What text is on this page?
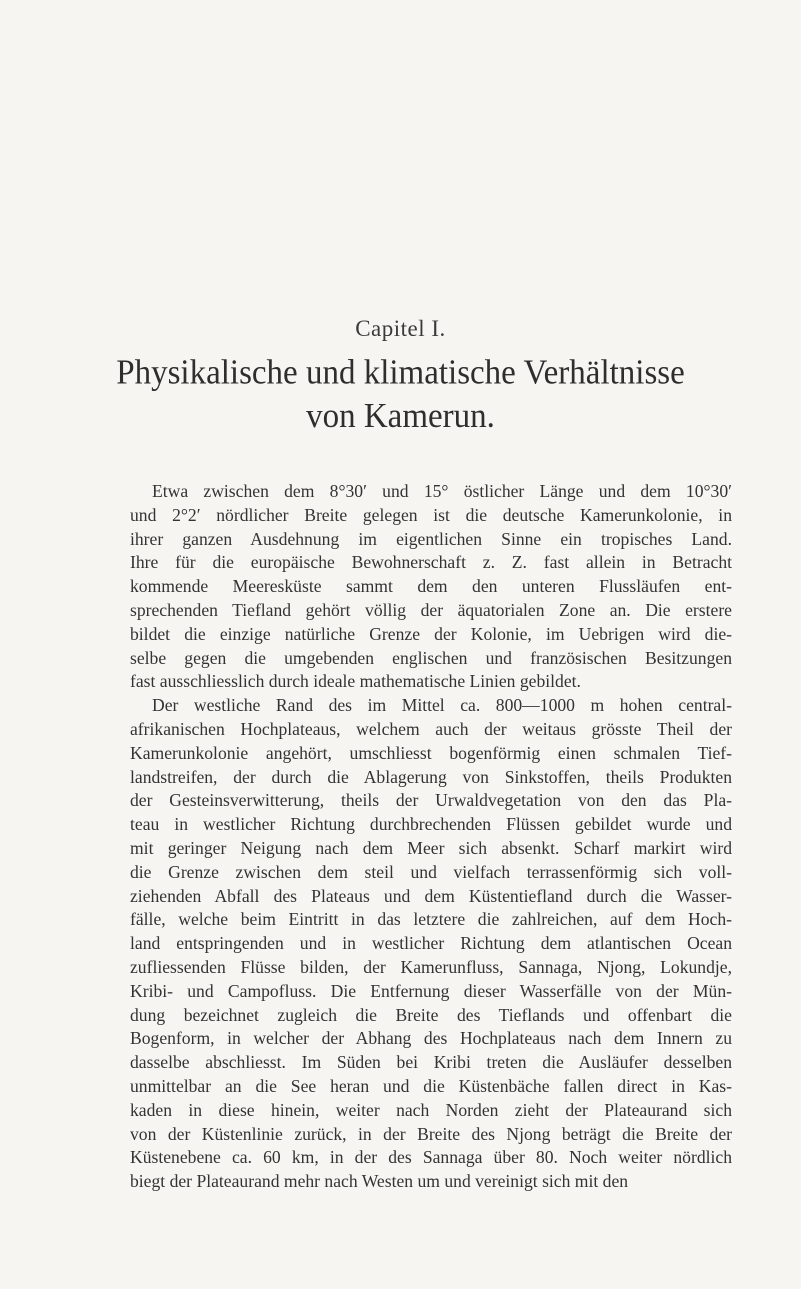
Capitel I.
Physikalische und klimatische Verhältnisse
von Kamerun.
Etwa zwischen dem 8°30′ und 15° östlicher Länge und dem 10°30′
und 2°2′ nördlicher Breite gelegen ist die deutsche Kamerunkolonie, in
ihrer ganzen Ausdehnung im eigentlichen Sinne ein tropisches Land.
Ihre für die europäische Bewohnerschaft z. Z. fast allein in Betracht
kommende Meeresküste sammt dem den unteren Flussläufen ent-
sprechenden Tiefland gehört völlig der äquatorialen Zone an. Die erstere
bildet die einzige natürliche Grenze der Kolonie, im Uebrigen wird die-
selbe gegen die umgebenden englischen und französischen Besitzungen
fast ausschliesslich durch ideale mathematische Linien gebildet.
Der westliche Rand des im Mittel ca. 800—1000 m hohen central-
afrikanischen Hochplateaus, welchem auch der weitaus grösste Theil der
Kamerunkolonie angehört, umschliesst bogenförmig einen schmalen Tief-
landstreifen, der durch die Ablagerung von Sinkstoffen, theils Produkten
der Gesteinsverwitterung, theils der Urwaldvegetation von den das Pla-
teau in westlicher Richtung durchbrechenden Flüssen gebildet wurde und
mit geringer Neigung nach dem Meer sich absenkt. Scharf markirt wird
die Grenze zwischen dem steil und vielfach terrassenförmig sich voll-
ziehenden Abfall des Plateaus und dem Küstentiefland durch die Wasser-
fälle, welche beim Eintritt in das letztere die zahlreichen, auf dem Hoch-
land entspringenden und in westlicher Richtung dem atlantischen Ocean
zufliessenden Flüsse bilden, der Kamerunfluss, Sannaga, Njong, Lokundje,
Kribi- und Campofluss. Die Entfernung dieser Wasserfälle von der Mün-
dung bezeichnet zugleich die Breite des Tieflands und offenbart die
Bogenform, in welcher der Abhang des Hochplateaus nach dem Innern zu
dasselbe abschliesst. Im Süden bei Kribi treten die Ausläufer desselben
unmittelbar an die See heran und die Küstenbäche fallen direct in Kas-
kaden in diese hinein, weiter nach Norden zieht der Plateaurand sich
von der Küstenlinie zurück, in der Breite des Njong beträgt die Breite der
Küstenebene ca. 60 km, in der des Sannaga über 80. Noch weiter nördlich
biegt der Plateaurand mehr nach Westen um und vereinigt sich mit den
